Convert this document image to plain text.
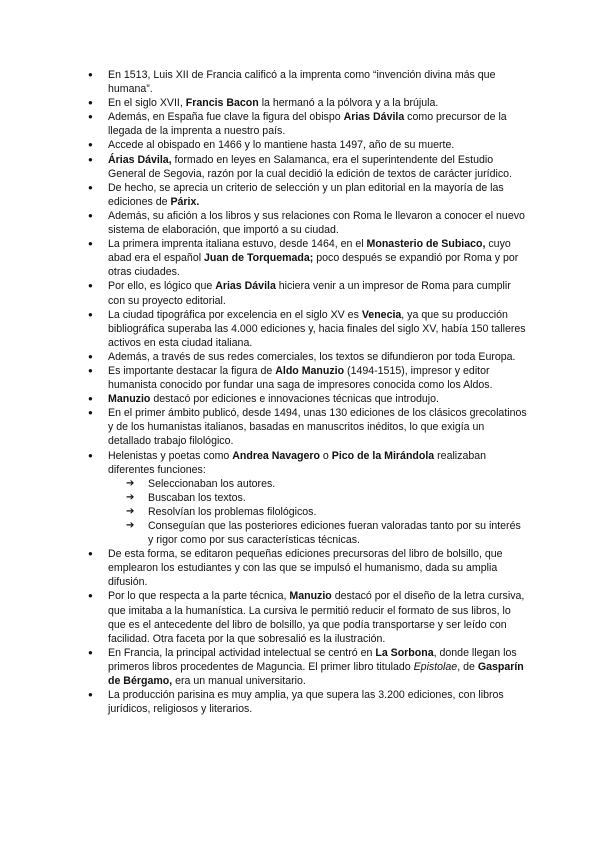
● En 1513, Luis XII de Francia calificó a la imprenta como “invención divina más que humana”.
● En el siglo XVII, Francis Bacon la hermanó a la pólvora y a la brújula.
● Además, en España fue clave la figura del obispo Arias Dávila como precursor de la llegada de la imprenta a nuestro país.
● Accede al obispado en 1466 y lo mantiene hasta 1497, año de su muerte.
● Árias Dávila, formado en leyes en Salamanca, era el superintendente del Estudio General de Segovia, razón por la cual decidió la edición de textos de carácter jurídico.
● De hecho, se aprecia un criterio de selección y un plan editorial en la mayoría de las ediciones de Párix.
● Además, su afición a los libros y sus relaciones con Roma le llevaron a conocer el nuevo sistema de elaboración, que importó a su ciudad.
● La primera imprenta italiana estuvo, desde 1464, en el Monasterio de Subiaco, cuyo abad era el español Juan de Torquemada; poco después se expandió por Roma y por otras ciudades.
● Por ello, es lógico que Arias Dávila hiciera venir a un impresor de Roma para cumplir con su proyecto editorial.
● La ciudad tipográfica por excelencia en el siglo XV es Venecia, ya que su producción bibliográfica superaba las 4.000 ediciones y, hacia finales del siglo XV, había 150 talleres activos en esta ciudad italiana.
● Además, a través de sus redes comerciales, los textos se difundieron por toda Europa.
● Es importante destacar la figura de Aldo Manuzio (1494-1515), impresor y editor humanista conocido por fundar una saga de impresores conocida como los Aldos.
● Manuzio destacó por ediciones e innovaciones técnicas que introdujo.
● En el primer ámbito publicó, desde 1494, unas 130 ediciones de los clásicos grecolatinos y de los humanistas italianos, basadas en manuscritos inéditos, lo que exigía un detallado trabajo filológico.
● Helenistas y poetas como Andrea Navagero o Pico de la Mirándola realizaban diferentes funciones:
➔ Seleccionaban los autores.
➔ Buscaban los textos.
➔ Resolvían los problemas filológicos.
➔ Conseguían que las posteriores ediciones fueran valoradas tanto por su interés y rigor como por sus características técnicas.
● De esta forma, se editaron pequeñas ediciones precursoras del libro de bolsillo, que emplearon los estudiantes y con las que se impulsó el humanismo, dada su amplia difusión.
● Por lo que respecta a la parte técnica, Manuzio destacó por el diseño de la letra cursiva, que imitaba a la humanística. La cursiva le permitió reducir el formato de sus libros, lo que es el antecedente del libro de bolsillo, ya que podía transportarse y ser leído con facilidad. Otra faceta por la que sobresalió es la ilustración.
● En Francia, la principal actividad intelectual se centró en La Sorbona, donde llegan los primeros libros procedentes de Maguncia. El primer libro titulado Epistolae, de Gasparín de Bérgamo, era un manual universitario.
● La producción parisina es muy amplia, ya que supera las 3.200 ediciones, con libros jurídicos, religiosos y literarios.
